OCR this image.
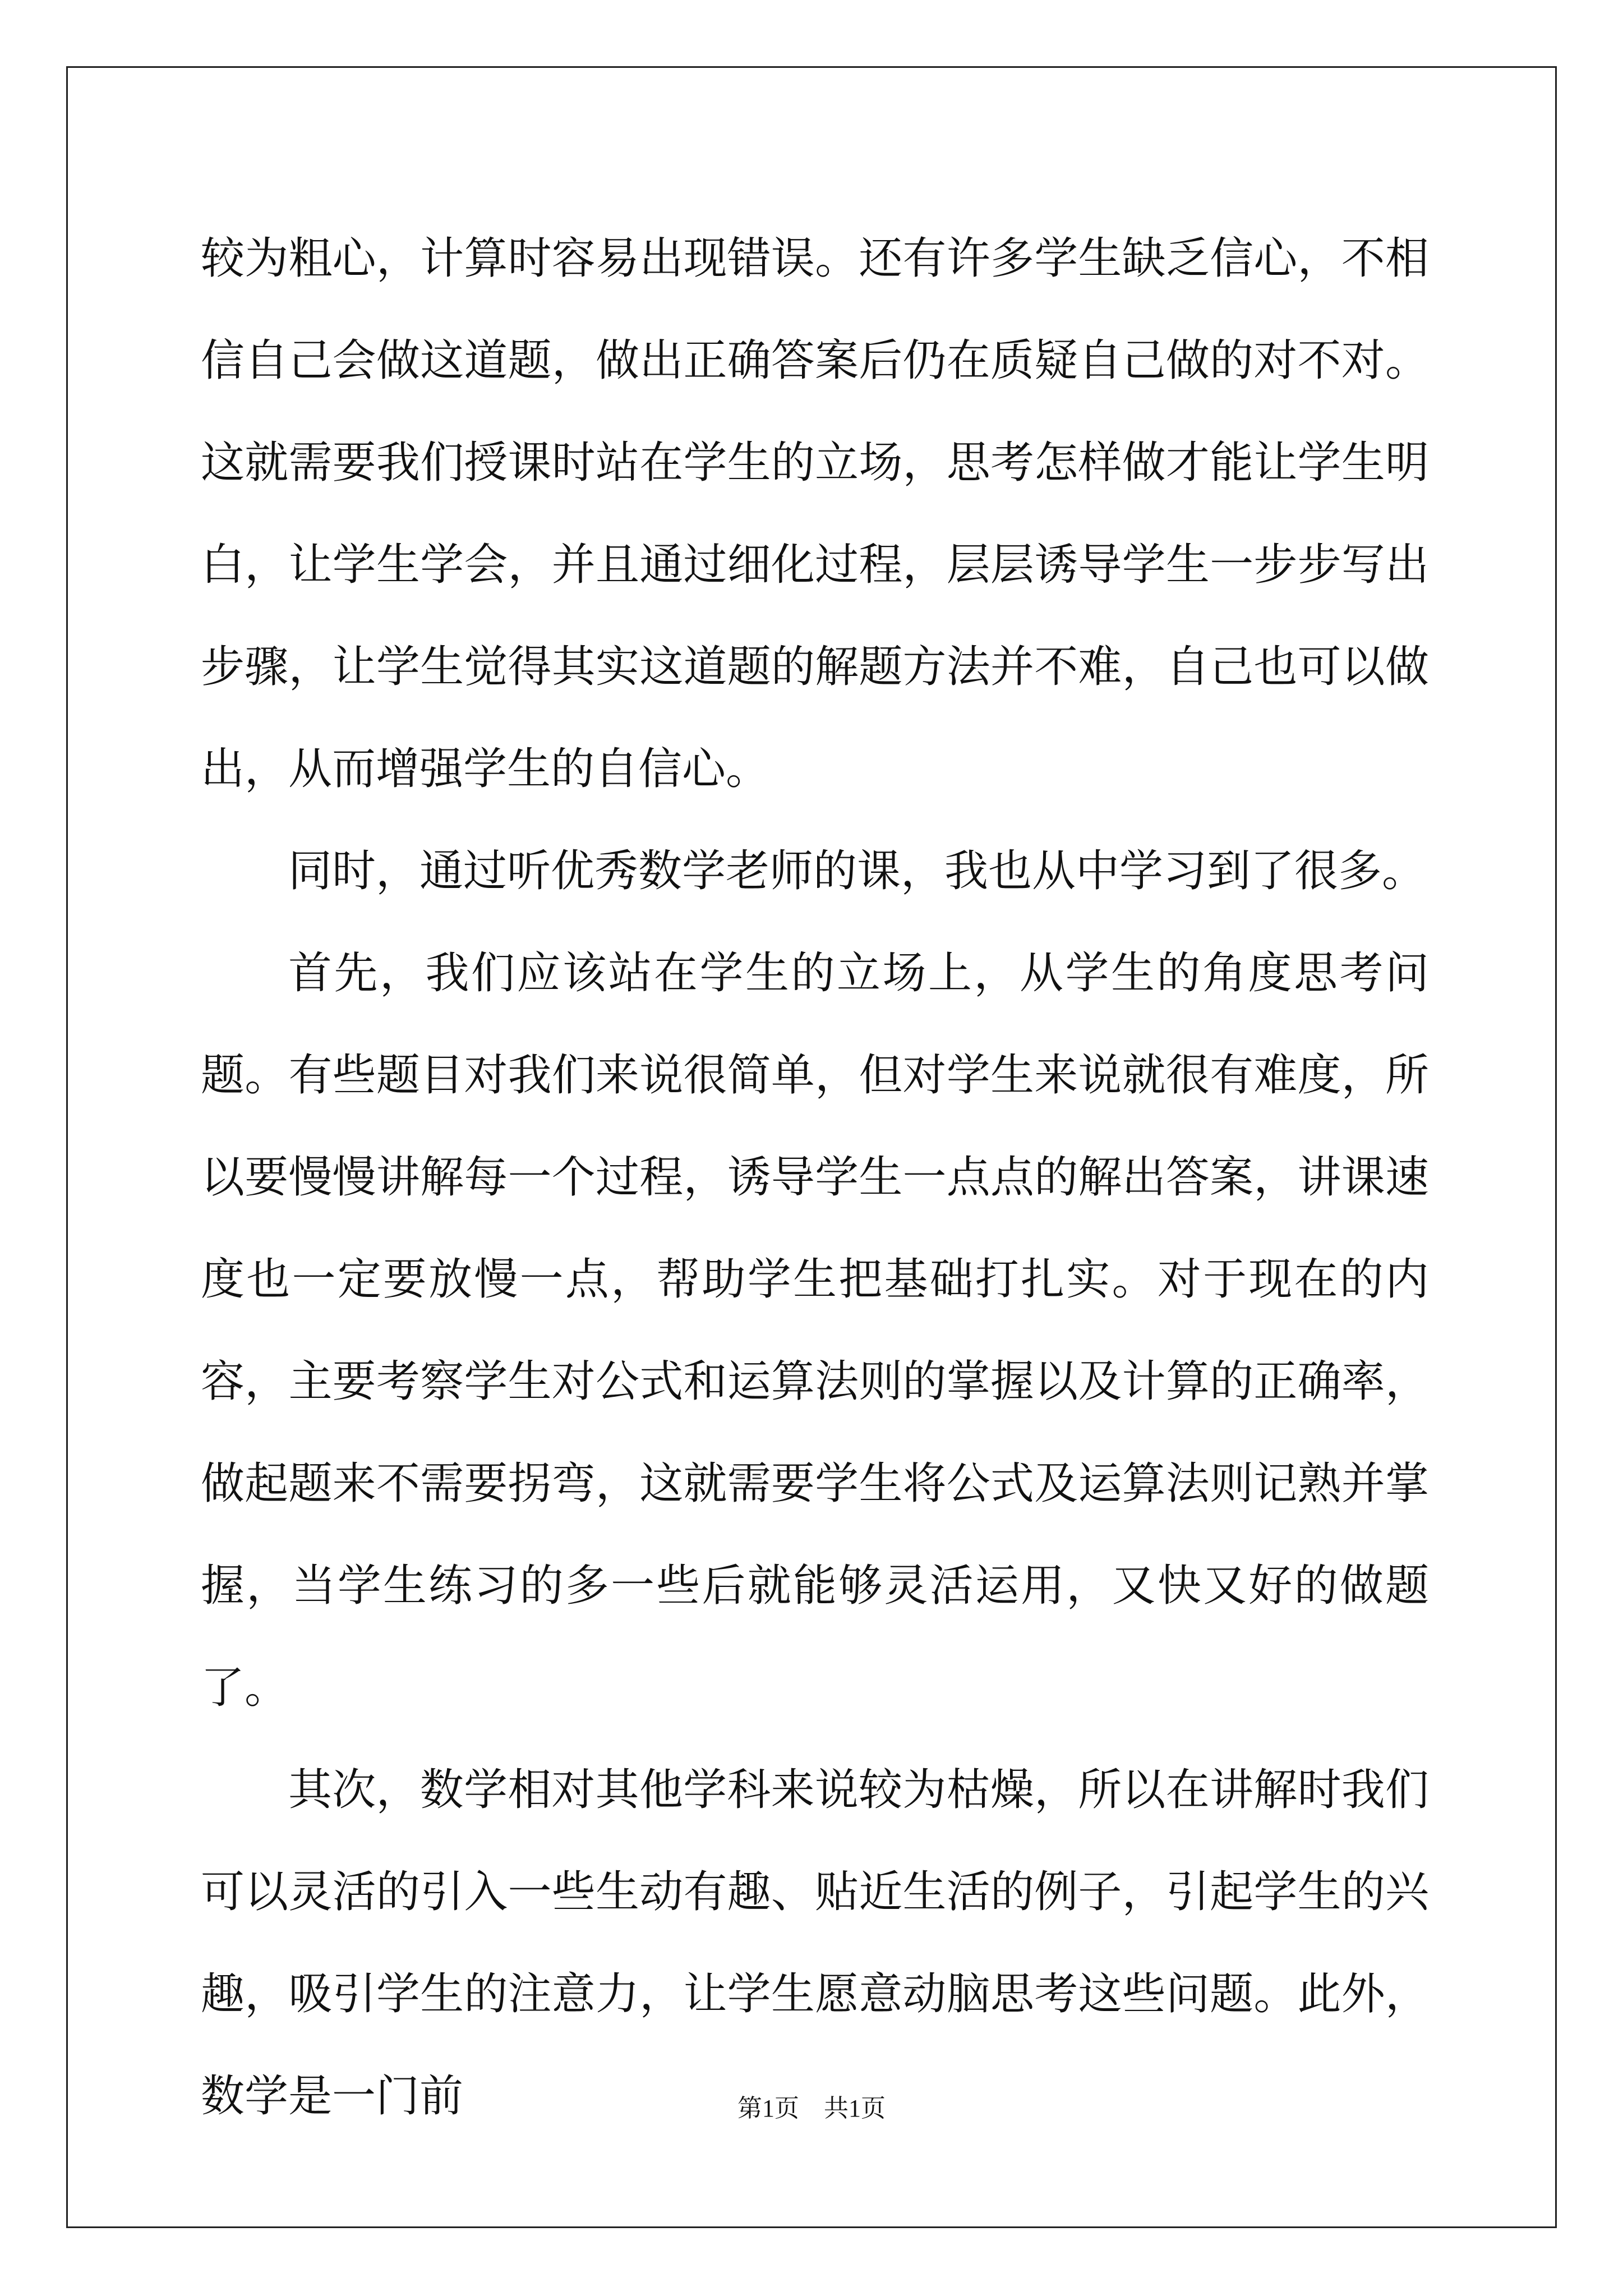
较为粗心，计算时容易出现错误。还有许多学生缺乏信心，不相信自己会做这道题，做出正确答案后仍在质疑自己做的对不对。这就需要我们授课时站在学生的立场，思考怎样做才能让学生明白，让学生学会，并且通过细化过程，层层诱导学生一步步写出步骤，让学生觉得其实这道题的解题方法并不难，自己也可以做出，从而增强学生的自信心。

同时，通过听优秀数学老师的课，我也从中学习到了很多。

首先，我们应该站在学生的立场上，从学生的角度思考问题。有些题目对我们来说很简单，但对学生来说就很有难度，所以要慢慢讲解每一个过程，诱导学生一点点的解出答案，讲课速度也一定要放慢一点，帮助学生把基础打扎实。对于现在的内容，主要考察学生对公式和运算法则的掌握以及计算的正确率，做起题来不需要拐弯，这就需要学生将公式及运算法则记熟并掌握，当学生练习的多一些后就能够灵活运用，又快又好的做题了。

其次，数学相对其他学科来说较为枯燥，所以在讲解时我们可以灵活的引入一些生动有趣、贴近生活的例子，引起学生的兴趣，吸引学生的注意力，让学生愿意动脑思考这些问题。此外，数学是一门前	第1页　共1页
